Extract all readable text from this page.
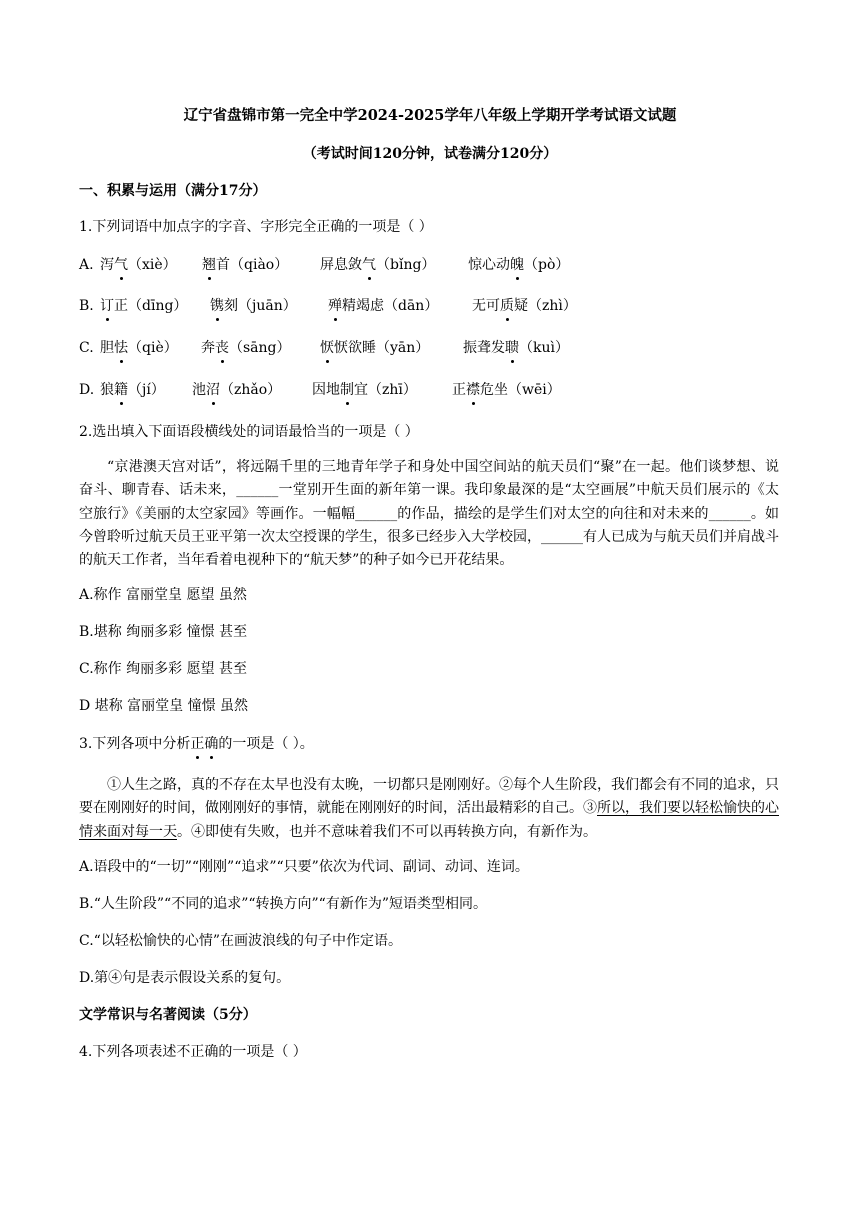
辽宁省盘锦市第一完全中学2024-2025学年八年级上学期开学考试语文试题
（考试时间120分钟，试卷满分120分）
一、积累与运用（满分17分）
1.下列词语中加点字的字音、字形完全正确的一项是（ ）
A. 泻气（xiè） 翘首（qiào） 屏息敛气（bǐng） 惊心动魄（pò）
B. 订正（dīng） 镌刻（juān） 殚精竭虑（dān） 无可质疑（zhì）
C. 胆怯（qiè） 奔丧（sāng） 恹恹欲睡（yān） 振聋发聩（kuì）
D. 狼籍（jí） 池沼（zhǎo） 因地制宜（zhī）	正襟危坐（wēi）
2.选出填入下面语段横线处的词语最恰当的一项是（ ）
“京港澳天宫对话”，将远隔千里的三地青年学子和身处中国空间站的航天员们“聚”在一起。他们谈梦想、说奋斗、聊青春、话未来，______一堂别开生面的新年第一课。我印象最深的是“太空画展”中航天员们展示的《太空旅行》《美丽的太空家园》等画作。一幅幅______的作品，描绘的是学生们对太空的向往和对未来的______。如今曾聆听过航天员王亚平第一次太空授课的学生，很多已经步入大学校园，______有人已成为与航天员们并肩战斗的航天工作者，当年看着电视种下的“航天梦”的种子如今已开花结果。
A.称作 富丽堂皇 愿望 虽然
B.堪称 绚丽多彩 憧憬 甚至
C.称作 绚丽多彩 愿望 甚至
D 堪称 富丽堂皇 憧憬 虽然
3.下列各项中分析正确的一项是（ ）。
①人生之路，真的不存在太早也没有太晚，一切都只是刚刚好。②每个人生阶段，我们都会有不同的追求，只要在刚刚好的时间，做刚刚好的事情，就能在刚刚好的时间，活出最精彩的自己。③所以，我们要以轻松愉快的心情来面对每一天。④即使有失败，也并不意味着我们不可以再转换方向，有新作为。
A.语段中的“一切”“刚刚”“追求”“只要”依次为代词、副词、动词、连词。
B.“人生阶段”“不同的追求”“转换方向”“有新作为”短语类型相同。
C.“以轻松愉快的心情”在画波浪线的句子中作定语。
D.第④句是表示假设关系的复句。
文学常识与名著阅读（5分）
4.下列各项表述不正确的一项是（ ）
